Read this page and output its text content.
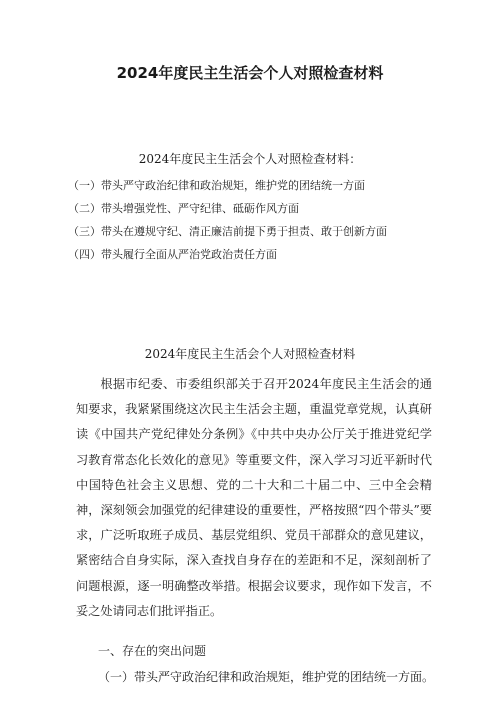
2024年度民主生活会个人对照检查材料
2024年度民主生活会个人对照检查材料：
（一）带头严守政治纪律和政治规矩，维护党的团结统一方面
（二）带头增强党性、严守纪律、砥砺作风方面
（三）带头在遵规守纪、清正廉洁前提下勇于担责、敢于创新方面
（四）带头履行全面从严治党政治责任方面
2024年度民主生活会个人对照检查材料

根据市纪委、市委组织部关于召开2024年度民主生活会的通知要求，我紧紧围绕这次民主生活会主题，重温党章党规，认真研读《中国共产党纪律处分条例》《中共中央办公厅关于推进党纪学习教育常态化长效化的意见》等重要文件，深入学习习近平新时代中国特色社会主义思想、党的二十大和二十届二中、三中全会精神，深刻领会加强党的纪律建设的重要性，严格按照“四个带头”要求，广泛听取班子成员、基层党组织、党员干部群众的意见建议，紧密结合自身实际，深入查找自身存在的差距和不足，深刻剖析了问题根源，逐一明确整改举措。根据会议要求，现作如下发言，不妥之处请同志们批评指正。

一、存在的突出问题

（一）带头严守政治纪律和政治规矩，维护党的团结统一方面。
